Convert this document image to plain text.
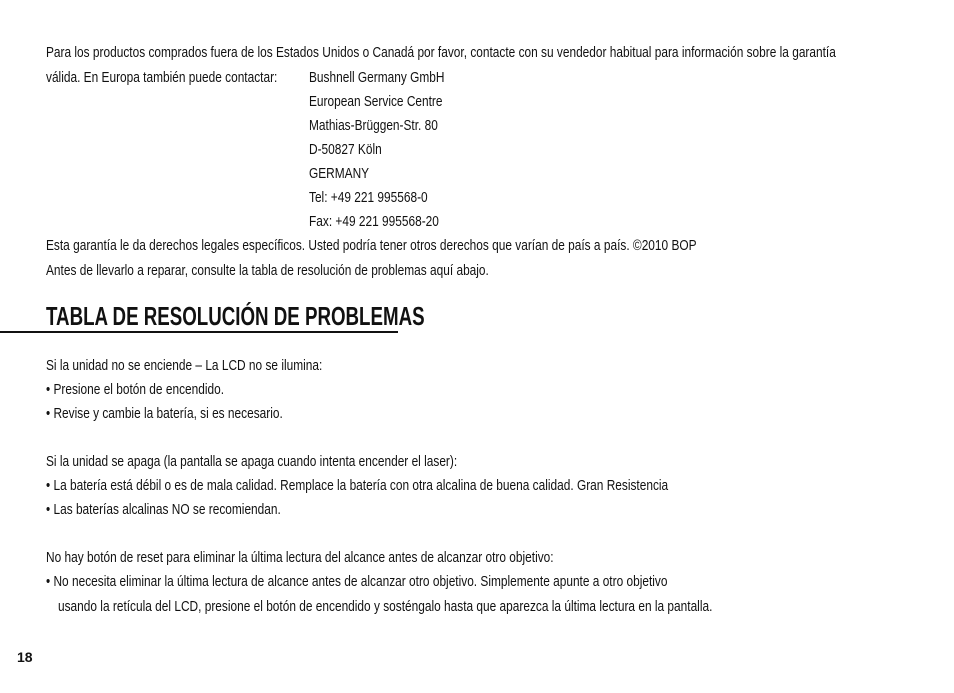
Para los productos comprados fuera de los Estados Unidos o Canadá por favor, contacte con su vendedor habitual para información sobre la garantía
válida. En Europa también puede contactar:	Bushnell Germany GmbH
European Service Centre
Mathias-Brüggen-Str. 80
D-50827 Köln
GERMANY
Tel: +49 221 995568-0
Fax: +49 221 995568-20
Esta garantía le da derechos legales específicos. Usted podría tener otros derechos que varían de país a país. ©2010 BOP
Antes de llevarlo a reparar, consulte la tabla de resolución de problemas aquí abajo.
TABLA DE RESOLUCIÓN DE PROBLEMAS
Si la unidad no se enciende – La LCD no se ilumina:
• Presione el botón de encendido.
• Revise y cambie la batería, si es necesario.
Si la unidad se apaga (la pantalla se apaga cuando intenta encender el laser):
• La batería está débil o es de mala calidad. Remplace la batería con otra alcalina de buena calidad. Gran Resistencia
• Las baterías alcalinas NO se recomiendan.
No hay botón de reset para eliminar la última lectura del alcance antes de alcanzar otro objetivo:
• No necesita eliminar la última lectura de alcance antes de alcanzar otro objetivo. Simplemente apunte a otro objetivo
usando la retícula del LCD, presione el botón de encendido y sosténgalo hasta que aparezca la última lectura en la pantalla.
18
